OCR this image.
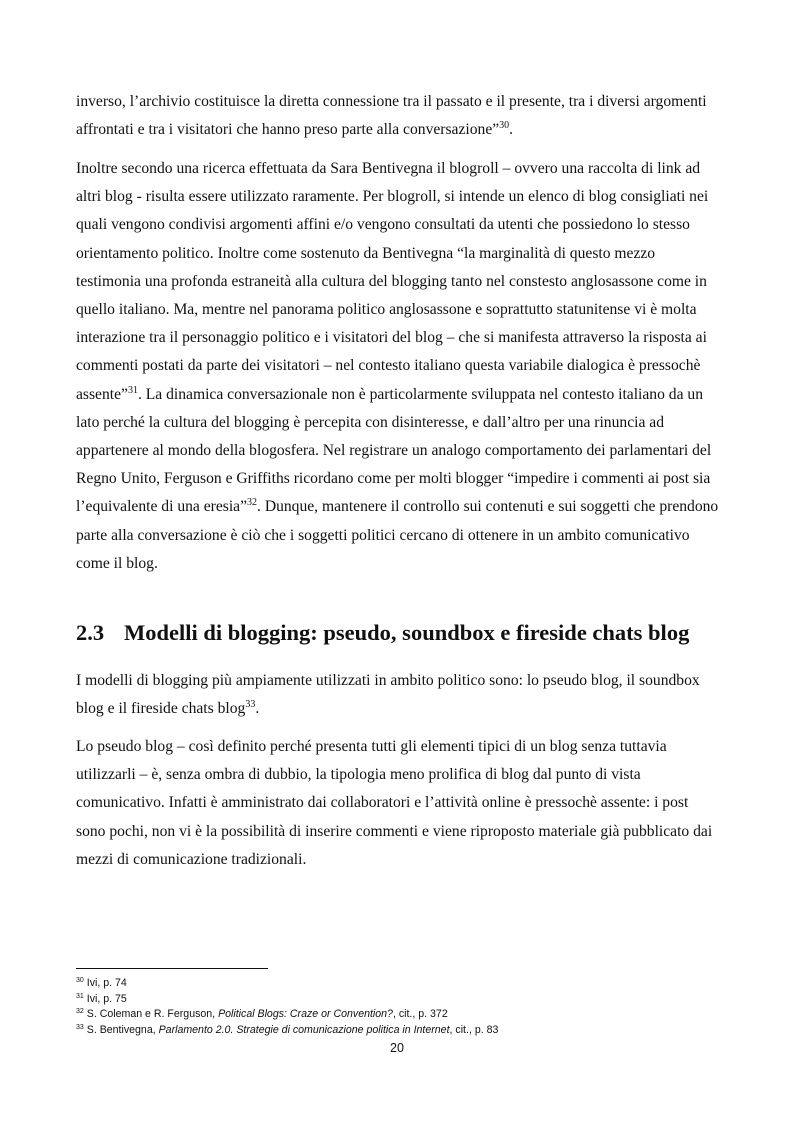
inverso, l’archivio costituisce la diretta connessione tra il passato e il presente, tra i diversi argomenti affrontati e tra i visitatori che hanno preso parte alla conversazione”$^{30}$.

Inoltre secondo una ricerca effettuata da Sara Bentivegna il blogroll – ovvero una raccolta di link ad altri blog - risulta essere utilizzato raramente. Per blogroll, si intende un elenco di blog consigliati nei quali vengono condivisi argomenti affini e/o vengono consultati da utenti che possiedono lo stesso orientamento politico. Inoltre come sostenuto da Bentivegna “la marginalità di questo mezzo testimonia una profonda estraneità alla cultura del blogging tanto nel constesto anglosassone come in quello italiano. Ma, mentre nel panorama politico anglosassone e soprattutto statunitense vi è molta interazione tra il personaggio politico e i visitatori del blog – che si manifesta attraverso la risposta ai commenti postati da parte dei visitatori – nel contesto italiano questa variabile dialogica è pressochè assente”$^{31}$. La dinamica conversazionale non è particolarmente sviluppata nel contesto italiano da un lato perché la cultura del blogging è percepita con disinteresse, e dall’altro per una rinuncia ad appartenere al mondo della blogosfera. Nel registrare un analogo comportamento dei parlamentari del Regno Unito, Ferguson e Griffiths ricordano come per molti blogger “impedire i commenti ai post sia l’equivalente di una eresia”$^{32}$. Dunque, mantenere il controllo sui contenuti e sui soggetti che prendono parte alla conversazione è ciò che i soggetti politici cercano di ottenere in un ambito comunicativo come il blog.

2.3 Modelli di blogging: pseudo, soundbox e fireside chats blog

I modelli di blogging più ampiamente utilizzati in ambito politico sono: lo pseudo blog, il soundbox blog e il fireside chats blog$^{33}$.

Lo pseudo blog – così definito perché presenta tutti gli elementi tipici di un blog senza tuttavia utilizzarli – è, senza ombra di dubbio, la tipologia meno prolifica di blog dal punto di vista comunicativo. Infatti è amministrato dai collaboratori e l’attività online è pressochè assente: i post sono pochi, non vi è la possibilità di inserire commenti e viene riproposto materiale già pubblicato dai mezzi di comunicazione tradizionali.

$^{30}$ Ivi, p. 74
$^{31}$ Ivi, p. 75
$^{32}$ S. Coleman e R. Ferguson, Political Blogs: Craze or Convention?, cit., p. 372
$^{33}$ S. Bentivegna, Parlamento 2.0. Strategie di comunicazione politica in Internet, cit., p. 83
20
